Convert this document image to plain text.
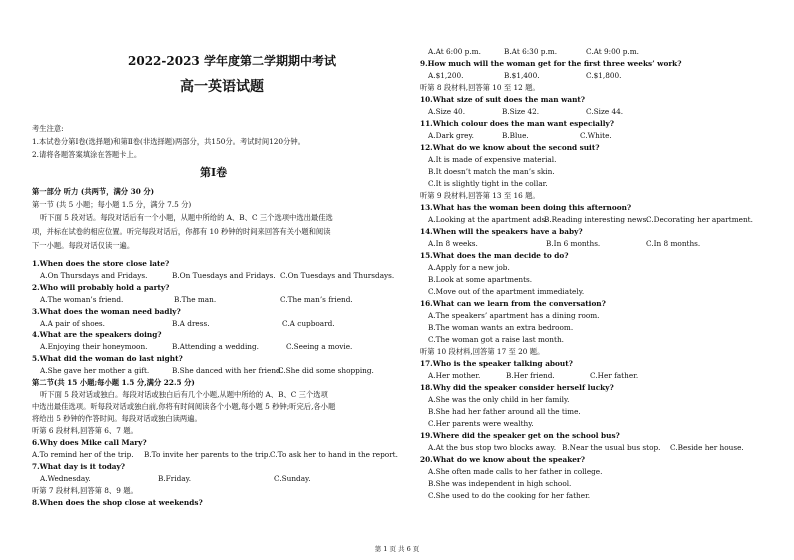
2022-2023 学年度第二学期期中考试
高一英语试题
考生注意:
1.本试卷分第Ⅰ卷(选择题)和第Ⅱ卷(非选择题)两部分，共150分。考试时间120分钟。
2.请将各题答案填涂在答题卡上。
第Ⅰ卷
第一部分 听力 (共两节，满分 30 分)
第一节 (共 5 小题；每小题 1.5 分，满分 7.5 分)
听下面 5 段对话。每段对话后有一个小题，从题中所给的 A、B、C 三个选项中选出最佳选
项，并标在试卷的相应位置。听完每段对话后，你都有 10 秒钟的时间来回答有关小题和阅读
下一小题。每段对话仅读一遍。
1.When does the store close late?
A.On Thursdays and Fridays.	B.On Tuesdays and Fridays. C.On Tuesdays and Thursdays.
2.Who will probably hold a party?
A.The woman’s friend.	B.The man.	C.The man’s friend.
3.What does the woman need badly?
A.A pair of shoes.	B.A dress.	C.A cupboard.
4.What are the speakers doing?
A.Enjoying their honeymoon.	B.Attending a wedding.	C.Seeing a movie.
5.What did the woman do last night?
A.She gave her mother a gift.	B.She danced with her friend.
C.She did some shopping.
第二节(共 15 小题;每小题 1.5 分,满分 22.5 分)
听下面 5 段对话或独白。每段对话或独白后有几个小题,从题中所给的 A、B、C 三个选项
中选出最佳选项。听每段对话或独白前,你将有时间阅读各个小题,每小题 5 秒钟;听完后,各小题
将给出 5 秒钟的作答时间。每段对话或独白读两遍。
听第 6 段材料,回答第 6、7 题。
6.Why does Mike call Mary?
A.To remind her of the trip. B.To invite her parents to the trip. C.To ask her to hand in the report.
7.What day is it today?
A.Wednesday.	B.Friday.	C.Sunday.
听第 7 段材料,回答第 8、9 题。
8.When does the shop close at weekends?
A.At 6:00 p.m.	B.At 6:30 p.m.	C.At 9:00 p.m.
9.How much will the woman get for the first three weeks’ work?
A.$1,200.	B.$1,400.	C.$1,800.
听第 8 段材料,回答第 10 至 12 题。
10.What size of suit does the man want?
A.Size 40.	B.Size 42.	C.Size 44.
11.Which colour does the man want especially?
A.Dark grey.	B.Blue.	C.White.
12.What do we know about the second suit?
A.It is made of expensive material.
B.It doesn’t match the man’s skin.
C.It is slightly tight in the collar.
听第 9 段材料,回答第 13 至 16 题。
13.What has the woman been doing this afternoon?
A.Looking at the apartment ads.
B.Reading interesting news.
C.Decorating her apartment.
14.When will the speakers have a baby?
A.In 8 weeks.	B.In 6 months.	C.In 8 months.
15.What does the man decide to do?
A.Apply for a new job.
B.Look at some apartments.
C.Move out of the apartment immediately.
16.What can we learn from the conversation?
A.The speakers’ apartment has a dining room.
B.The woman wants an extra bedroom.
C.The woman got a raise last month.
听第 10 段材料,回答第 17 至 20 题。
17.Who is the speaker talking about?
A.Her mother.	B.Her friend.	C.Her father.
18.Why did the speaker consider herself lucky?
A.She was the only child in her family.
B.She had her father around all the time.
C.Her parents were wealthy.
19.Where did the speaker get on the school bus?
A.At the bus stop two blocks away. B.Near the usual bus stop. C.Beside her house.
20.What do we know about the speaker?
A.She often made calls to her father in college.
B.She was independent in high school.
C.She used to do the cooking for her father.
第 1 页 共 6 页
